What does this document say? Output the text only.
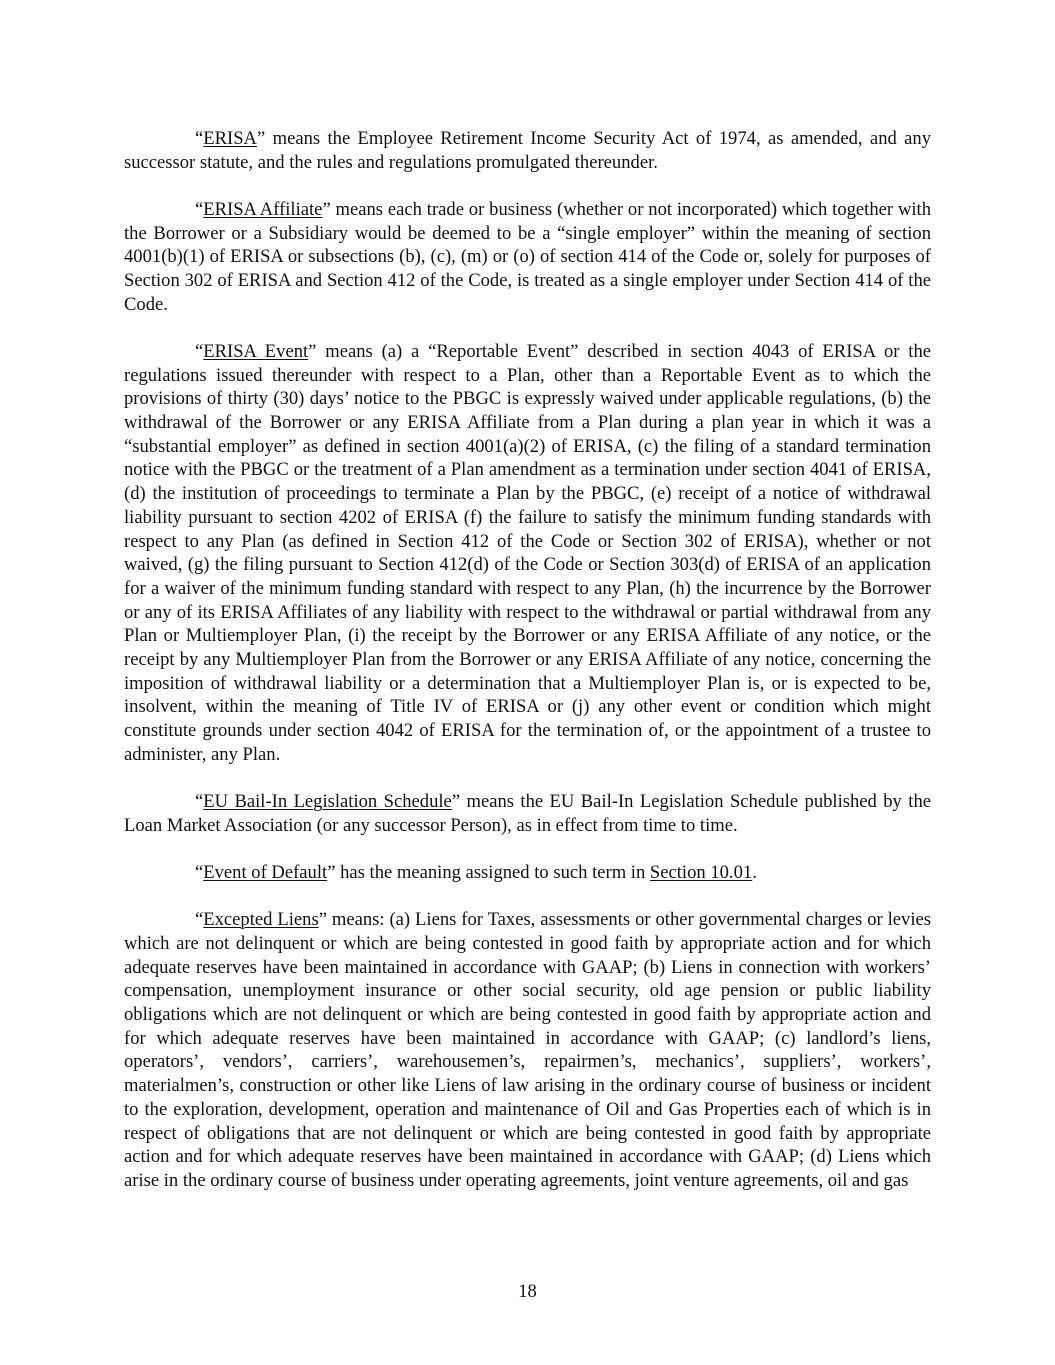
“ERISA” means the Employee Retirement Income Security Act of 1974, as amended, and any successor statute, and the rules and regulations promulgated thereunder.

“ERISA Affiliate” means each trade or business (whether or not incorporated) which together with the Borrower or a Subsidiary would be deemed to be a “single employer” within the meaning of section 4001(b)(1) of ERISA or subsections (b), (c), (m) or (o) of section 414 of the Code or, solely for purposes of Section 302 of ERISA and Section 412 of the Code, is treated as a single employer under Section 414 of the Code.

“ERISA Event” means (a) a “Reportable Event” described in section 4043 of ERISA or the regulations issued thereunder with respect to a Plan, other than a Reportable Event as to which the provisions of thirty (30) days’ notice to the PBGC is expressly waived under applicable regulations, (b) the withdrawal of the Borrower or any ERISA Affiliate from a Plan during a plan year in which it was a “substantial employer” as defined in section 4001(a)(2) of ERISA, (c) the filing of a standard termination notice with the PBGC or the treatment of a Plan amendment as a termination under section 4041 of ERISA, (d) the institution of proceedings to terminate a Plan by the PBGC, (e) receipt of a notice of withdrawal liability pursuant to section 4202 of ERISA (f) the failure to satisfy the minimum funding standards with respect to any Plan (as defined in Section 412 of the Code or Section 302 of ERISA), whether or not waived, (g) the filing pursuant to Section 412(d) of the Code or Section 303(d) of ERISA of an application for a waiver of the minimum funding standard with respect to any Plan, (h) the incurrence by the Borrower or any of its ERISA Affiliates of any liability with respect to the withdrawal or partial withdrawal from any Plan or Multiemployer Plan, (i) the receipt by the Borrower or any ERISA Affiliate of any notice, or the receipt by any Multiemployer Plan from the Borrower or any ERISA Affiliate of any notice, concerning the imposition of withdrawal liability or a determination that a Multiemployer Plan is, or is expected to be, insolvent, within the meaning of Title IV of ERISA or (j) any other event or condition which might constitute grounds under section 4042 of ERISA for the termination of, or the appointment of a trustee to administer, any Plan.

“EU Bail-In Legislation Schedule” means the EU Bail-In Legislation Schedule published by the Loan Market Association (or any successor Person), as in effect from time to time.

“Event of Default” has the meaning assigned to such term in Section 10.01.

“Excepted Liens” means: (a) Liens for Taxes, assessments or other governmental charges or levies which are not delinquent or which are being contested in good faith by appropriate action and for which adequate reserves have been maintained in accordance with GAAP; (b) Liens in connection with workers’ compensation, unemployment insurance or other social security, old age pension or public liability obligations which are not delinquent or which are being contested in good faith by appropriate action and for which adequate reserves have been maintained in accordance with GAAP; (c) landlord’s liens, operators’, vendors’, carriers’, warehousemen’s, repairmen’s, mechanics’, suppliers’, workers’, materialmen’s, construction or other like Liens of law arising in the ordinary course of business or incident to the exploration, development, operation and maintenance of Oil and Gas Properties each of which is in respect of obligations that are not delinquent or which are being contested in good faith by appropriate action and for which adequate reserves have been maintained in accordance with GAAP; (d) Liens which arise in the ordinary course of business under operating agreements, joint venture agreements, oil and gas

18
